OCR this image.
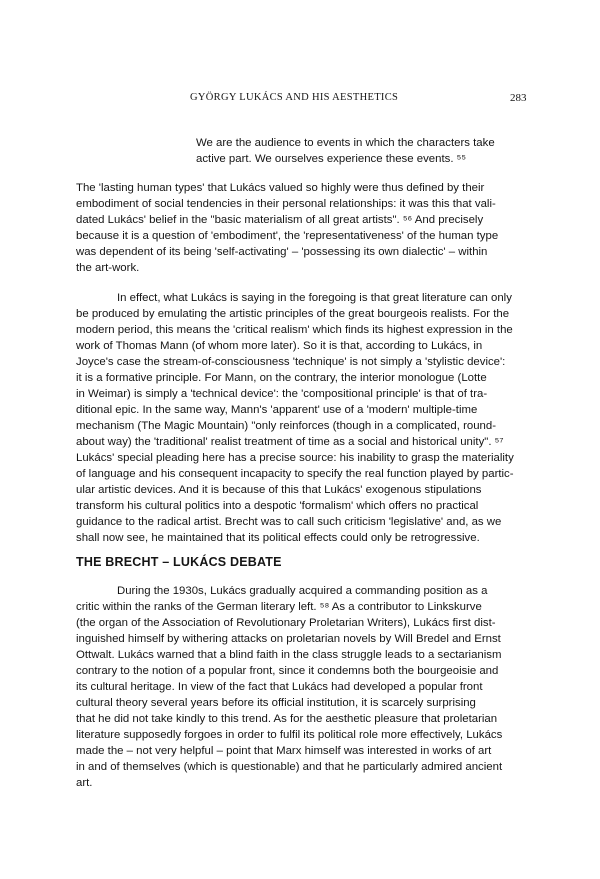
GYÖRGY LUKÁCS AND HIS AESTHETICS	283
We are the audience to events in which the characters take
active part. We ourselves experience these events. ⁵⁵
The 'lasting human types' that Lukács valued so highly were thus defined by their
embodiment of social tendencies in their personal relationships: it was this that vali-
dated Lukács' belief in the "basic materialism of all great artists". ⁵⁶ And precisely
because it is a question of 'embodiment', the 'representativeness' of the human type
was dependent of its being 'self-activating' – 'possessing its own dialectic' – within
the art-work.
In effect, what Lukács is saying in the foregoing is that great literature can only
be produced by emulating the artistic principles of the great bourgeois realists. For the
modern period, this means the 'critical realism' which finds its highest expression in the
work of Thomas Mann (of whom more later). So it is that, according to Lukács, in
Joyce's case the stream-of-consciousness 'technique' is not simply a 'stylistic device':
it is a formative principle. For Mann, on the contrary, the interior monologue (Lotte
in Weimar) is simply a 'technical device': the 'compositional principle' is that of tra-
ditional epic. In the same way, Mann's 'apparent' use of a 'modern' multiple-time
mechanism (The Magic Mountain) "only reinforces (though in a complicated, round-
about way) the 'traditional' realist treatment of time as a social and historical unity". ⁵⁷
Lukács' special pleading here has a precise source: his inability to grasp the materiality
of language and his consequent incapacity to specify the real function played by partic-
ular artistic devices. And it is because of this that Lukács' exogenous stipulations
transform his cultural politics into a despotic 'formalism' which offers no practical
guidance to the radical artist. Brecht was to call such criticism 'legislative' and, as we
shall now see, he maintained that its political effects could only be retrogressive.
During the 1930s, Lukács gradually acquired a commanding position as a
critic within the ranks of the German literary left. ⁵⁸ As a contributor to Linkskurve
(the organ of the Association of Revolutionary Proletarian Writers), Lukács first dist-
inguished himself by withering attacks on proletarian novels by Will Bredel and Ernst
Ottwalt. Lukács warned that a blind faith in the class struggle leads to a sectarianism
contrary to the notion of a popular front, since it condemns both the bourgeoisie and
its cultural heritage. In view of the fact that Lukács had developed a popular front
cultural theory several years before its official institution, it is scarcely surprising
that he did not take kindly to this trend. As for the aesthetic pleasure that proletarian
literature supposedly forgoes in order to fulfil its political role more effectively, Lukács
made the – not very helpful – point that Marx himself was interested in works of art
in and of themselves (which is questionable) and that he particularly admired ancient
art.
THE BRECHT – LUKÁCS DEBATE
